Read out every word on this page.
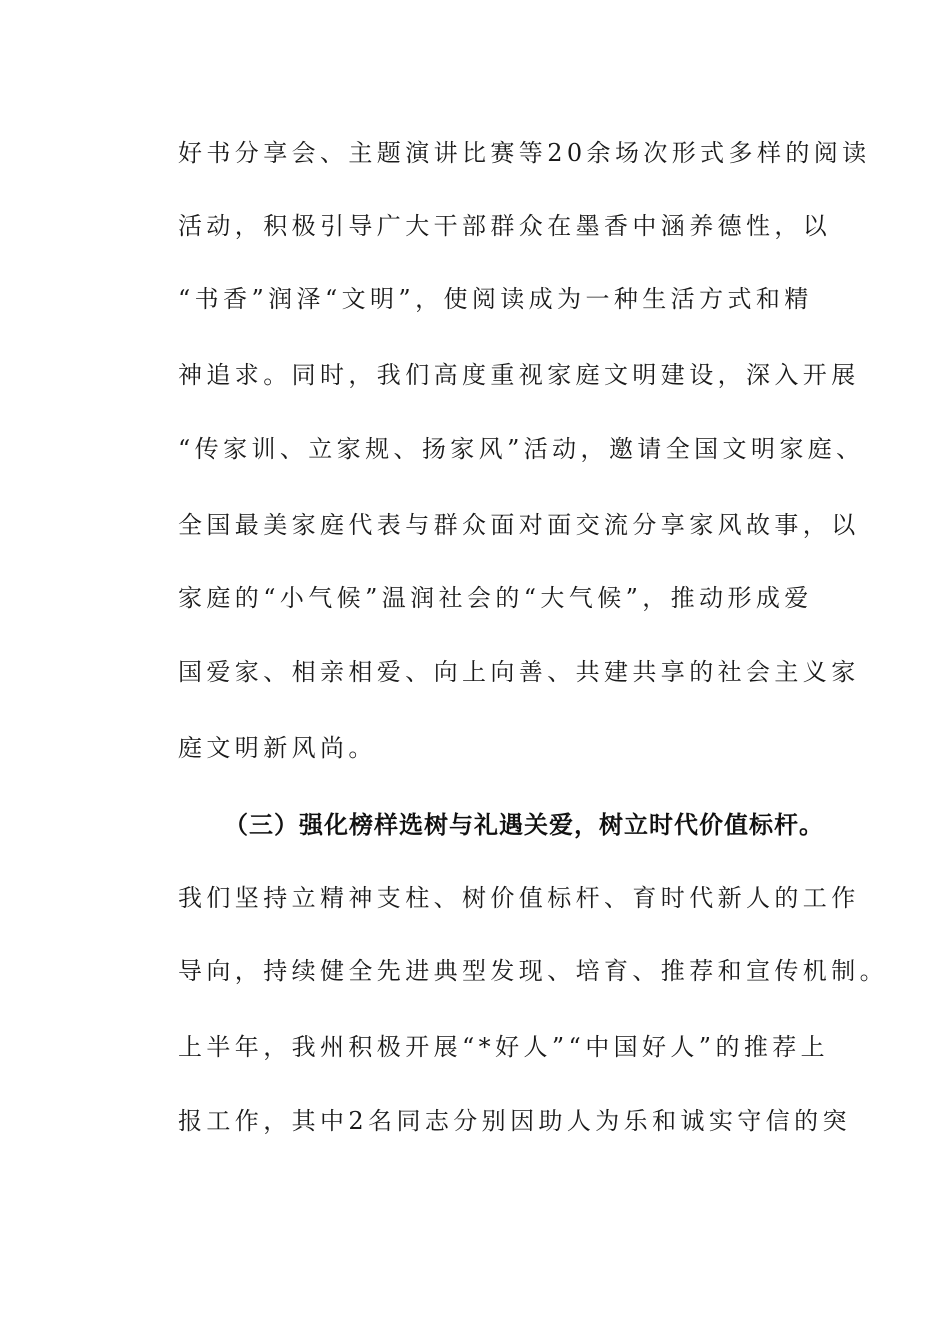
好书分享会、主题演讲比赛等20余场次形式多样的阅读
活动，积极引导广大干部群众在墨香中涵养德性，以
“书香”润泽“文明”，使阅读成为一种生活方式和精
神追求。同时，我们高度重视家庭文明建设，深入开展
“传家训、立家规、扬家风”活动，邀请全国文明家庭、
全国最美家庭代表与群众面对面交流分享家风故事，以
家庭的“小气候”温润社会的“大气候”，推动形成爱
国爱家、相亲相爱、向上向善、共建共享的社会主义家
庭文明新风尚。
（三）强化榜样选树与礼遇关爱，树立时代价值标杆。
我们坚持立精神支柱、树价值标杆、育时代新人的工作
导向，持续健全先进典型发现、培育、推荐和宣传机制。
上半年，我州积极开展“*好人”“中国好人”的推荐上
报工作，其中2名同志分别因助人为乐和诚实守信的突
